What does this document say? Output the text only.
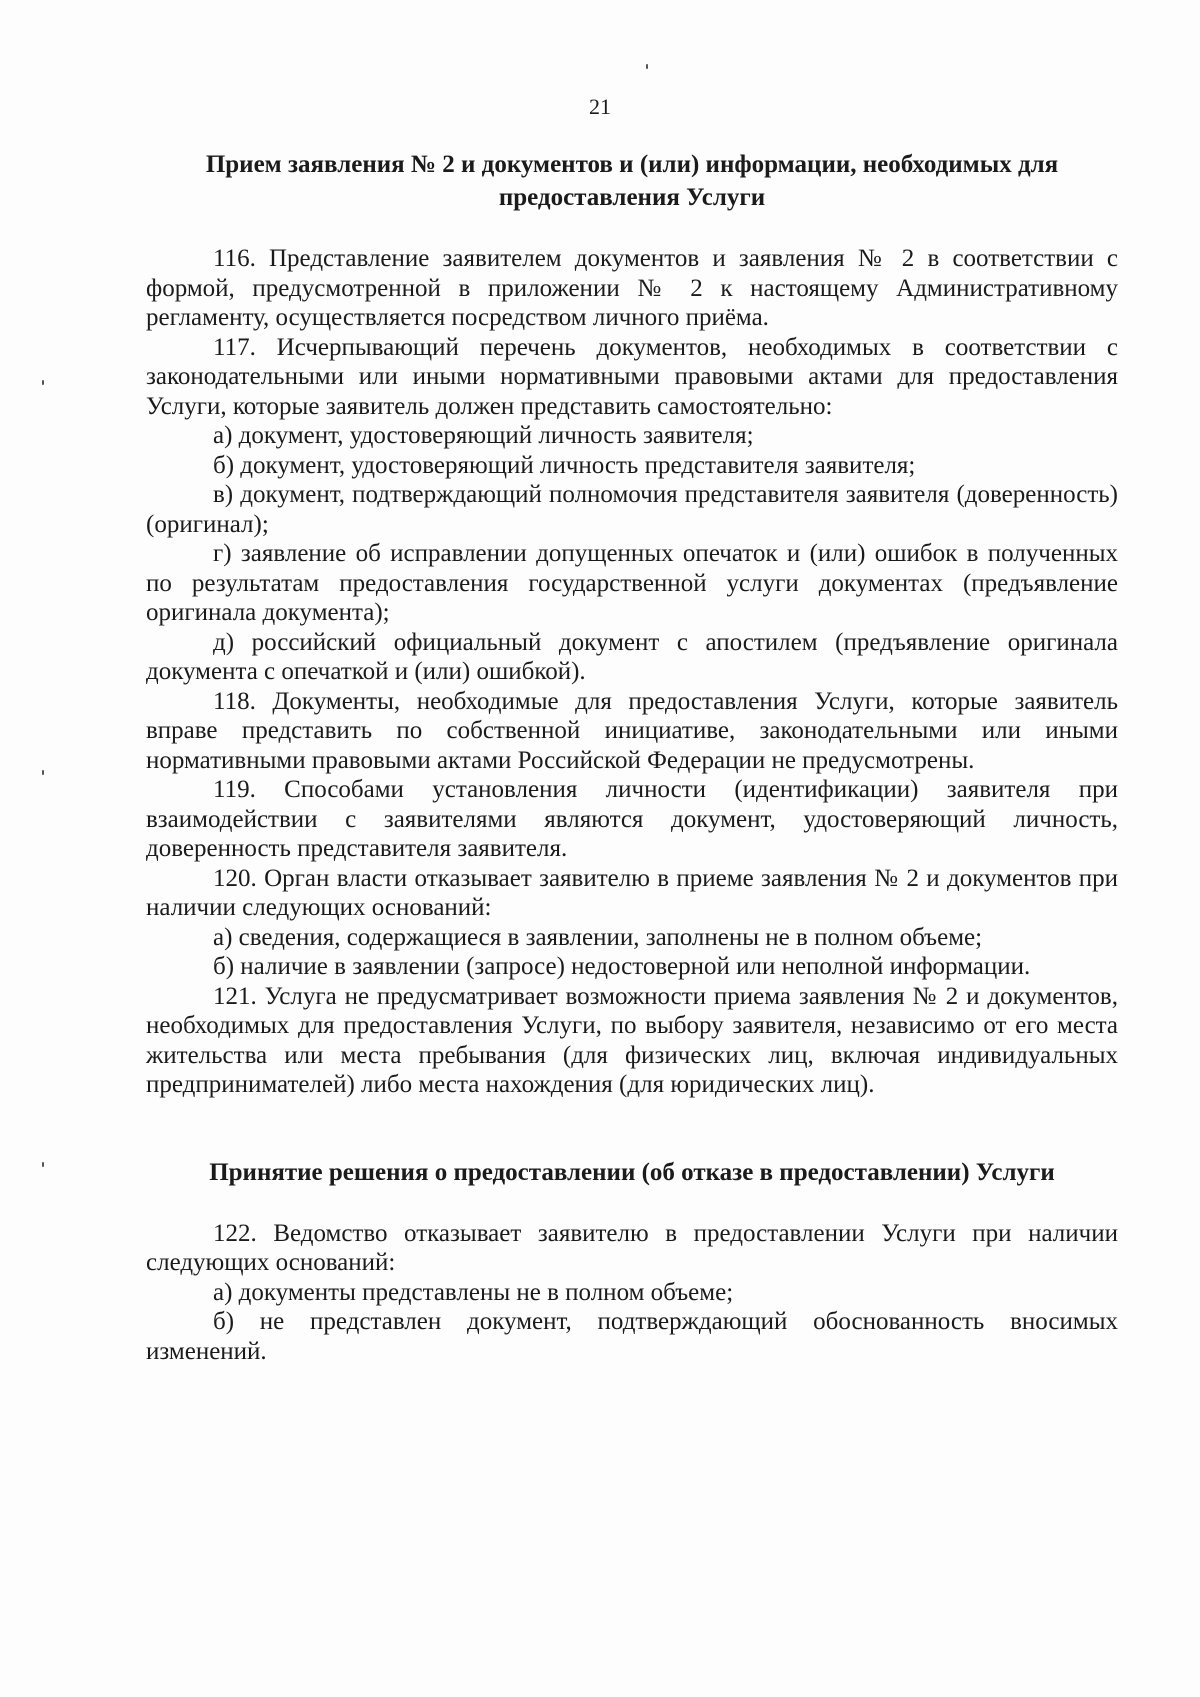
21
Прием заявления № 2 и документов и (или) информации, необходимых для предоставления Услуги

116. Представление заявителем документов и заявления № 2 в соответствии с формой, предусмотренной в приложении № 2 к настоящему Административному регламенту, осуществляется посредством личного приёма.

117. Исчерпывающий перечень документов, необходимых в соответствии с законодательными или иными нормативными правовыми актами для предоставления Услуги, которые заявитель должен представить самостоятельно:

а) документ, удостоверяющий личность заявителя;

б) документ, удостоверяющий личность представителя заявителя;

в) документ, подтверждающий полномочия представителя заявителя (доверенность) (оригинал);

г) заявление об исправлении допущенных опечаток и (или) ошибок в полученных по результатам предоставления государственной услуги документах (предъявление оригинала документа);

д) российский официальный документ с апостилем (предъявление оригинала документа с опечаткой и (или) ошибкой).

118. Документы, необходимые для предоставления Услуги, которые заявитель вправе представить по собственной инициативе, законодательными или иными нормативными правовыми актами Российской Федерации не предусмотрены.

119. Способами установления личности (идентификации) заявителя при взаимодействии с заявителями являются документ, удостоверяющий личность, доверенность представителя заявителя.

120. Орган власти отказывает заявителю в приеме заявления № 2 и документов при наличии следующих оснований:

а) сведения, содержащиеся в заявлении, заполнены не в полном объеме;

б) наличие в заявлении (запросе) недостоверной или неполной информации.

121. Услуга не предусматривает возможности приема заявления № 2 и документов, необходимых для предоставления Услуги, по выбору заявителя, независимо от его места жительства или места пребывания (для физических лиц, включая индивидуальных предпринимателей) либо места нахождения (для юридических лиц).

Принятие решения о предоставлении (об отказе в предоставлении) Услуги

122. Ведомство отказывает заявителю в предоставлении Услуги при наличии следующих оснований:

а) документы представлены не в полном объеме;

б) не представлен документ, подтверждающий обоснованность вносимых изменений.
